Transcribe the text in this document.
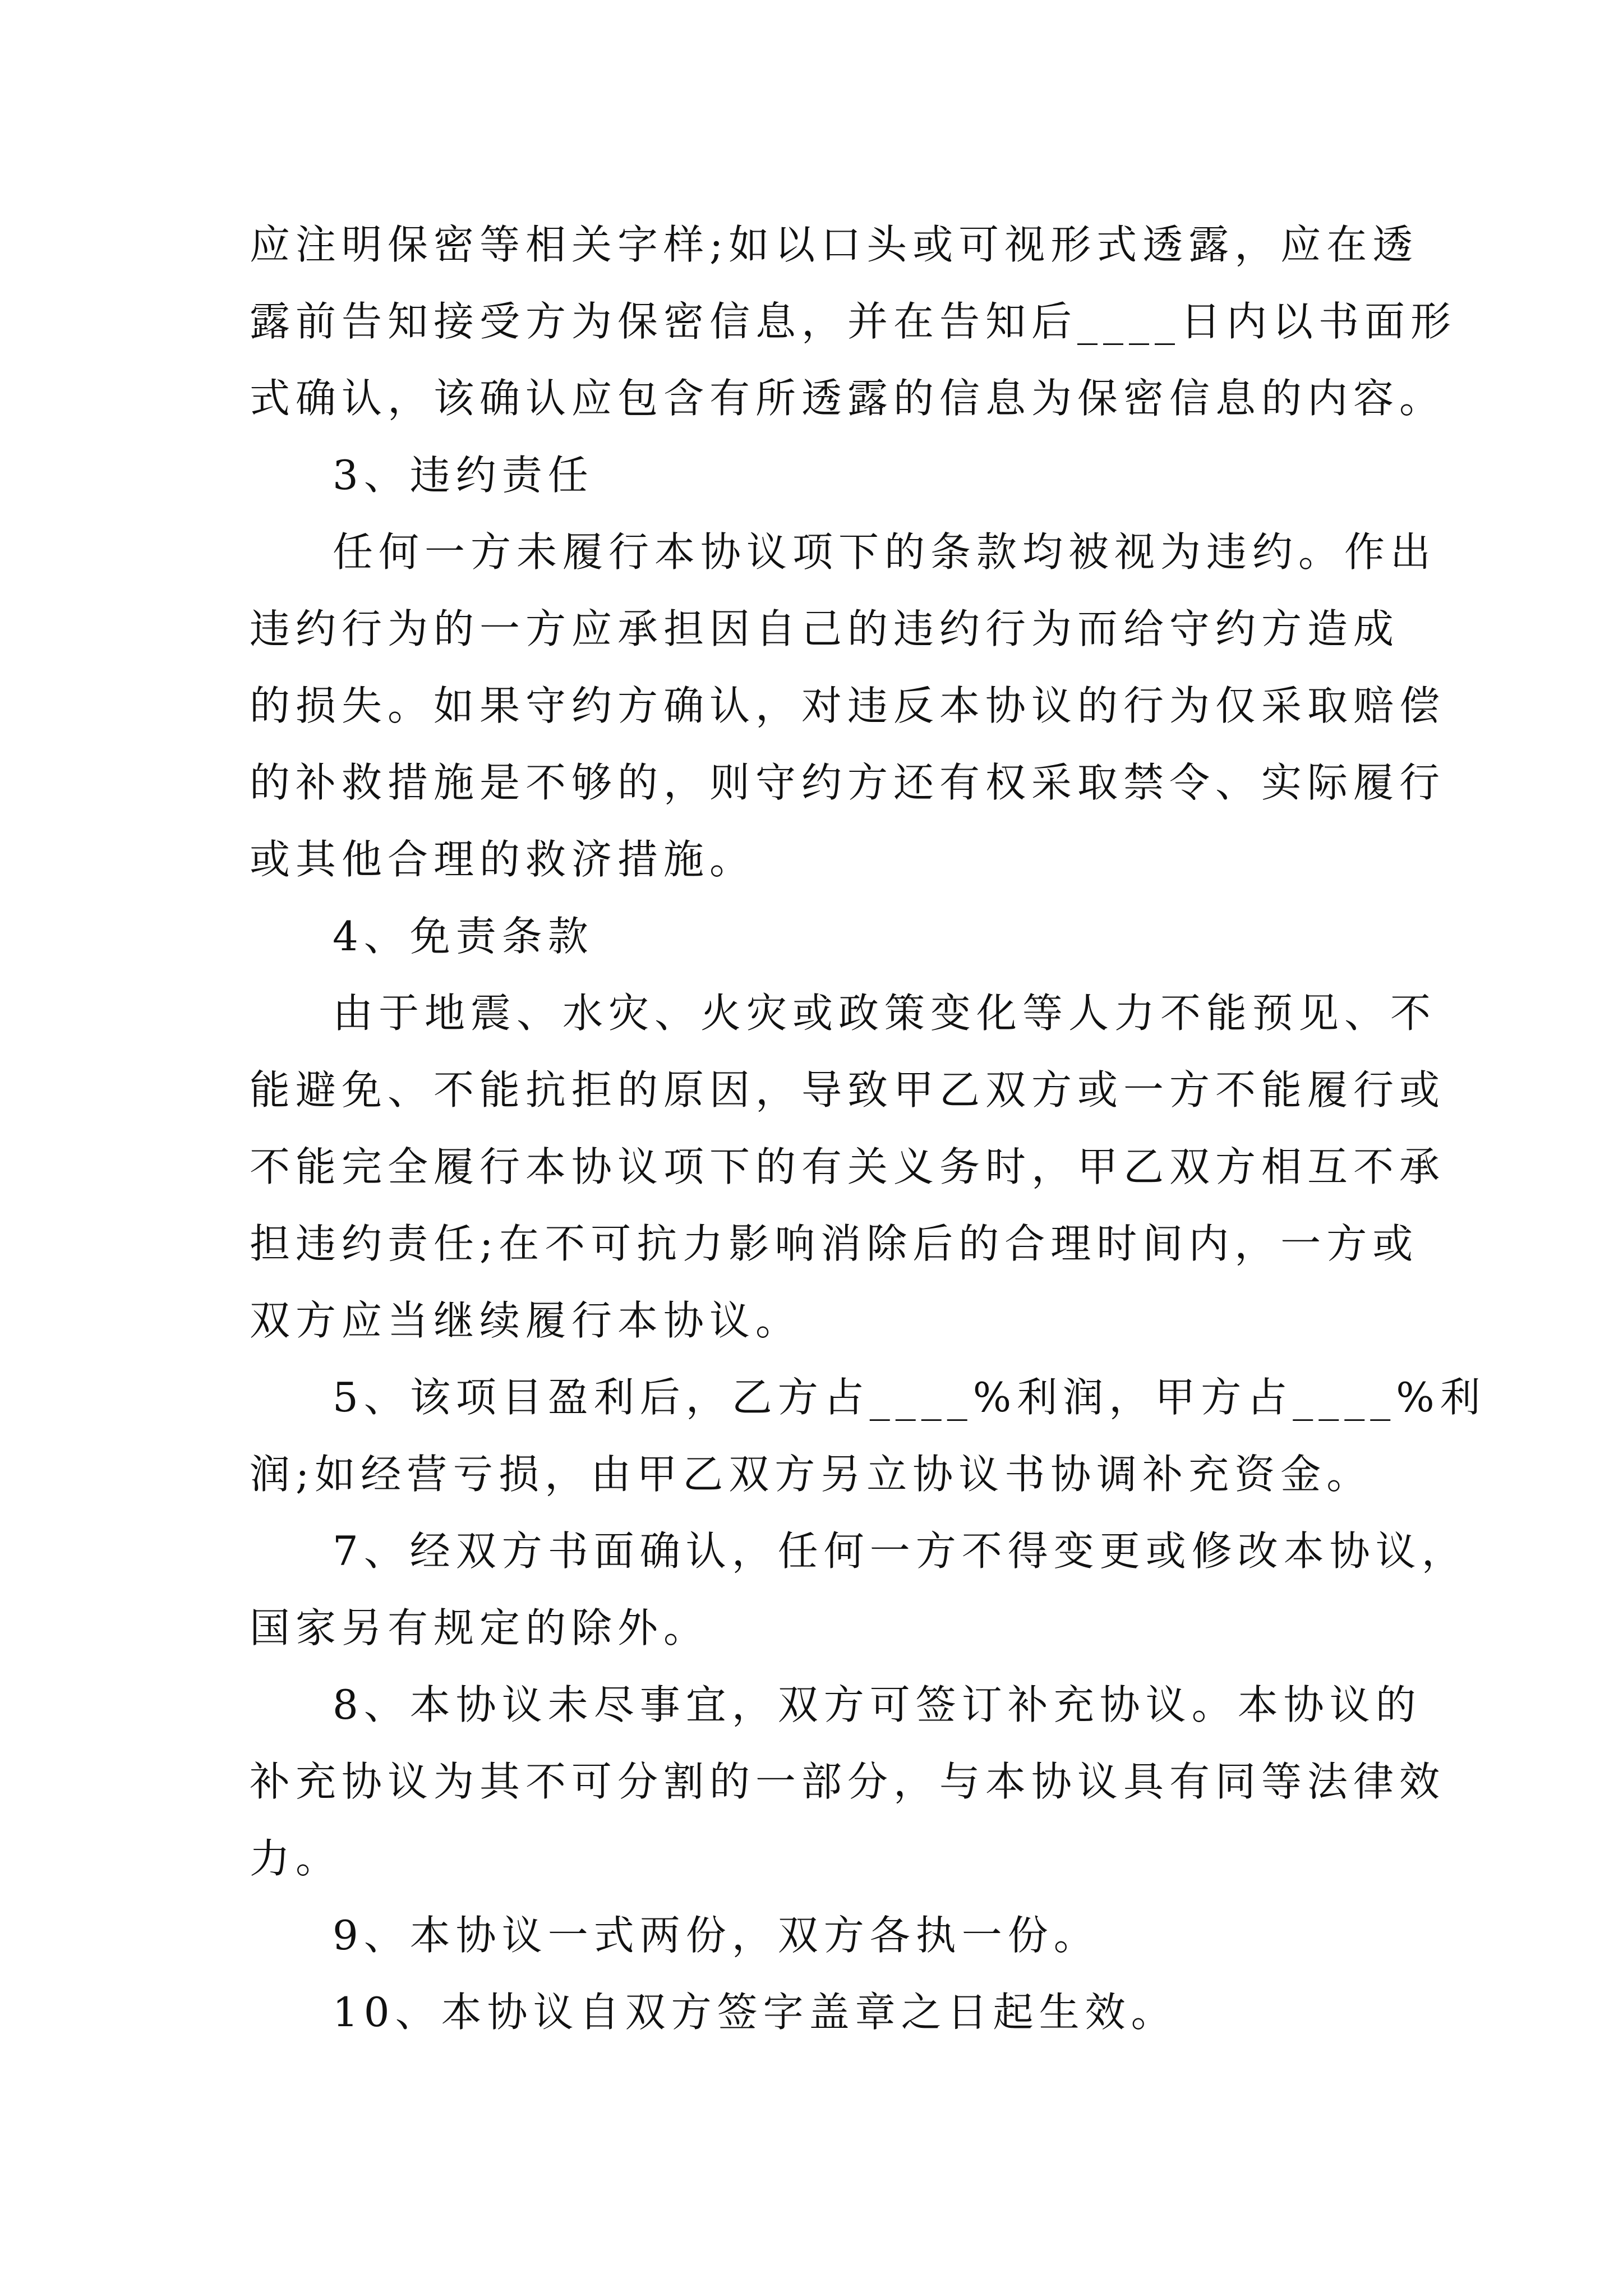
应注明保密等相关字样;如以口头或可视形式透露，应在透
露前告知接受方为保密信息，并在告知后____日内以书面形
式确认，该确认应包含有所透露的信息为保密信息的内容。
3、违约责任
任何一方未履行本协议项下的条款均被视为违约。作出
违约行为的一方应承担因自己的违约行为而给守约方造成
的损失。如果守约方确认，对违反本协议的行为仅采取赔偿
的补救措施是不够的，则守约方还有权采取禁令、实际履行
或其他合理的救济措施。
4、免责条款
由于地震、水灾、火灾或政策变化等人力不能预见、不
能避免、不能抗拒的原因，导致甲乙双方或一方不能履行或
不能完全履行本协议项下的有关义务时，甲乙双方相互不承
担违约责任;在不可抗力影响消除后的合理时间内，一方或
双方应当继续履行本协议。
5、该项目盈利后，乙方占____%利润，甲方占____%利
润;如经营亏损，由甲乙双方另立协议书协调补充资金。
7、经双方书面确认，任何一方不得变更或修改本协议，
国家另有规定的除外。
8、本协议未尽事宜，双方可签订补充协议。本协议的
补充协议为其不可分割的一部分，与本协议具有同等法律效
力。
9、本协议一式两份，双方各执一份。
10、本协议自双方签字盖章之日起生效。
